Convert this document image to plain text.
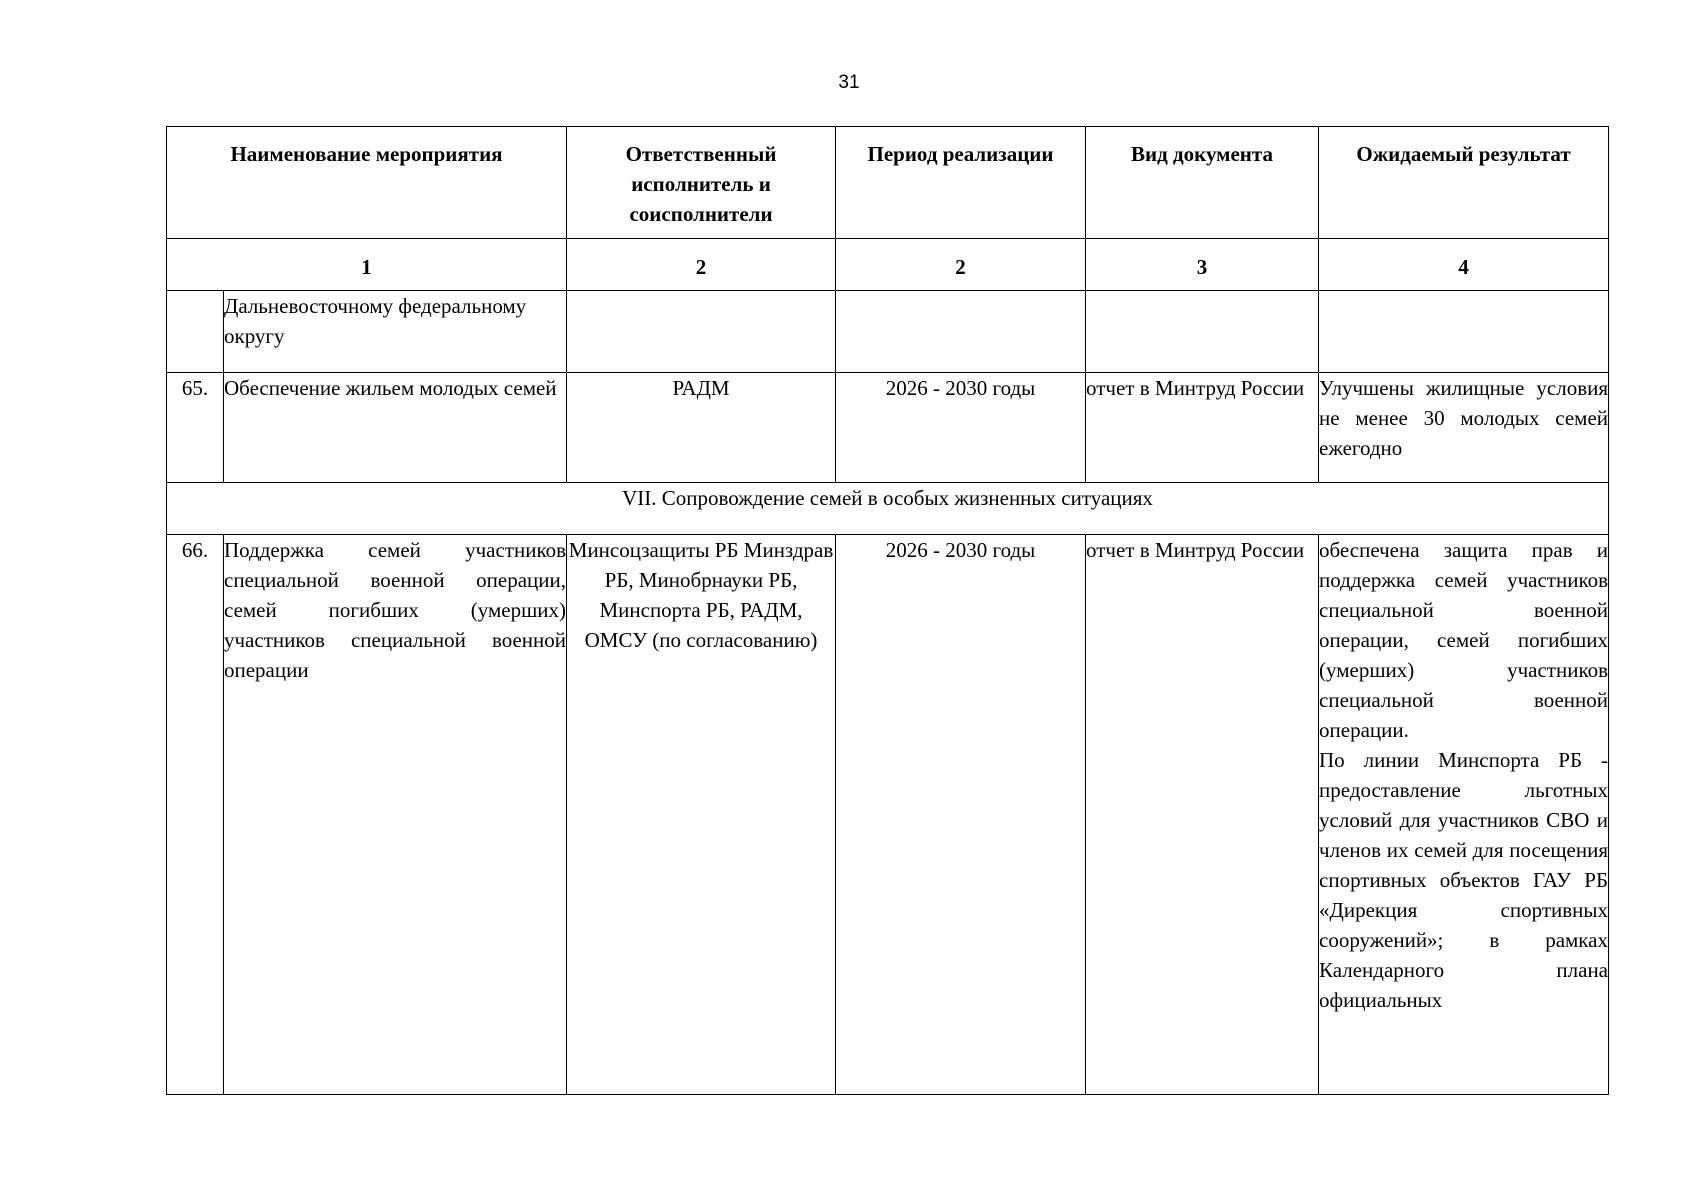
31
Наименование мероприятия		Ответственный исполнитель и соисполнители	Период реализации	Вид документа	Ожидаемый результат
1		2	2	3	4
	Дальневосточному федеральному округу				
65.	Обеспечение жильем молодых семей	РАДМ	2026 - 2030 годы	отчет в Минтруд России	Улучшены жилищные условия не менее 30 молодых семей ежегодно
VII. Сопровождение семей в особых жизненных ситуациях					
66.	Поддержка семей участников специальной военной операции, семей погибших (умерших) участников специальной военной операции	Минсоцзащиты РБ Минздрав РБ, Минобрнауки РБ, Минспорта РБ, РАДМ, ОМСУ (по согласованию)	2026 - 2030 годы	отчет в Минтруд России	обеспечена защита прав и поддержка семей участников специальной военной операции, семей погибших (умерших) участников специальной военной операции.
По линии Минспорта РБ - предоставление льготных условий для участников СВО и членов их семей для посещения спортивных объектов ГАУ РБ «Дирекция спортивных сооружений»; в рамках Календарного плана официальных
